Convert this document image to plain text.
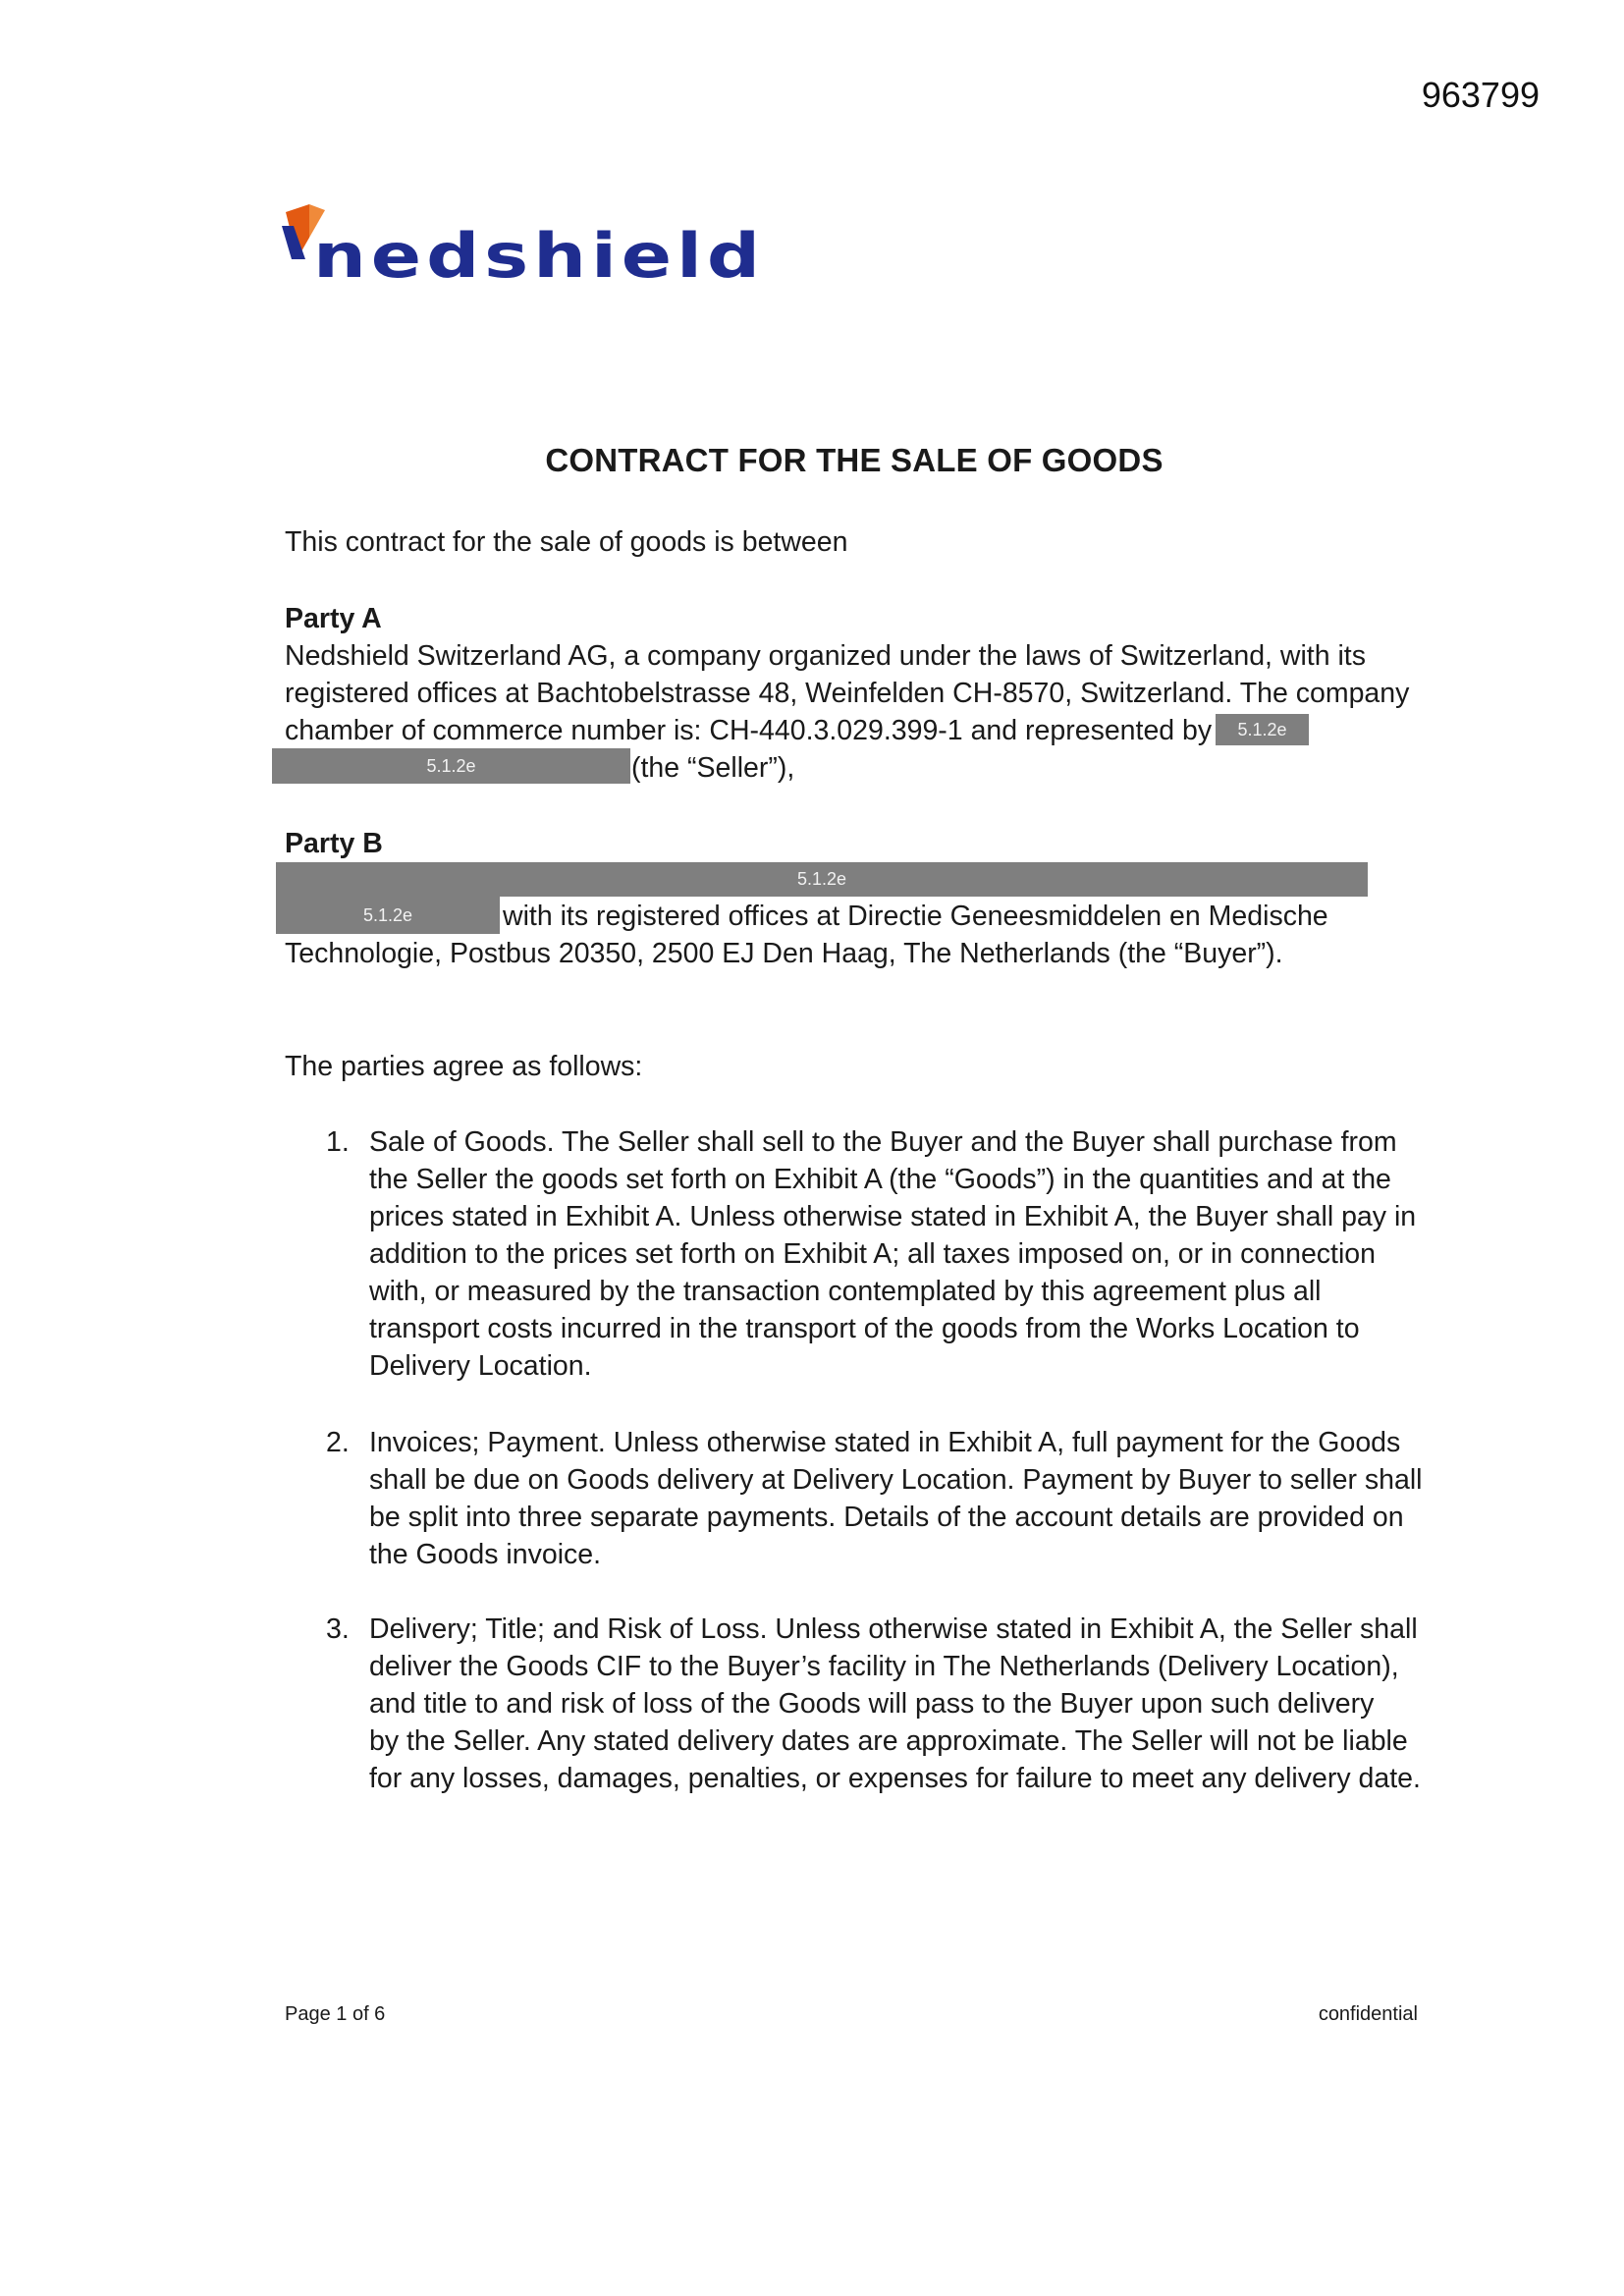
963799
nedshield
CONTRACT FOR THE SALE OF GOODS
This contract for the sale of goods is between
Party A
Nedshield Switzerland AG, a company organized under the laws of Switzerland, with its
registered offices at Bachtobelstrasse 48, Weinfelden CH-8570, Switzerland. The company
chamber of commerce number is: CH-440.3.029.399-1 and represented by	5.1.2e
5.1.2e	(the “Seller”),
Party B
5.1.2e
5.1.2e	with its registered offices at Directie Geneesmiddelen en Medische
Technologie, Postbus 20350, 2500 EJ Den Haag, The Netherlands (the “Buyer”).
The parties agree as follows:
1. Sale of Goods. The Seller shall sell to the Buyer and the Buyer shall purchase from
the Seller the goods set forth on Exhibit A (the “Goods”) in the quantities and at the
prices stated in Exhibit A. Unless otherwise stated in Exhibit A, the Buyer shall pay in
addition to the prices set forth on Exhibit A; all taxes imposed on, or in connection
with, or measured by the transaction contemplated by this agreement plus all
transport costs incurred in the transport of the goods from the Works Location to
Delivery Location.
2. Invoices; Payment. Unless otherwise stated in Exhibit A, full payment for the Goods
shall be due on Goods delivery at Delivery Location. Payment by Buyer to seller shall
be split into three separate payments. Details of the account details are provided on
the Goods invoice.
3. Delivery; Title; and Risk of Loss. Unless otherwise stated in Exhibit A, the Seller shall
deliver the Goods CIF to the Buyer’s facility in The Netherlands (Delivery Location),
and title to and risk of loss of the Goods will pass to the Buyer upon such delivery
by the Seller. Any stated delivery dates are approximate. The Seller will not be liable
for any losses, damages, penalties, or expenses for failure to meet any delivery date.
Page 1 of 6	confidential
